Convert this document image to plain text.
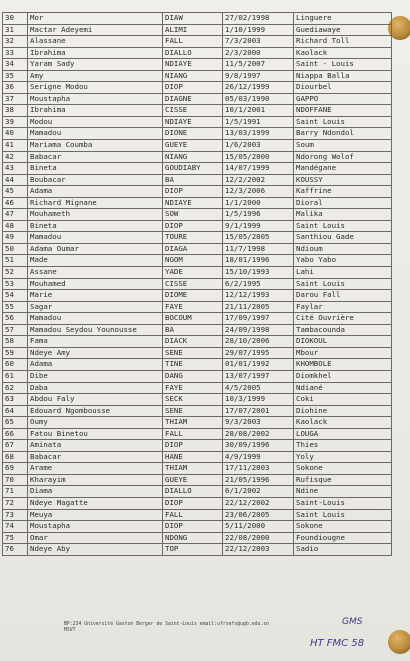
30	Mor	DIAW	27/02/1998	Linguere
31	Mactar Adeyemi	ALIMI	1/10/1999	Guediawaye
32	Alassane	FALL	7/3/2003	Richard Toll
33	Ibrahima	DIALLO	2/3/2000	Kaolack
34	Yaram Sady	NDIAYE	11/5/2007	Saint - Louis
35	Amy	NIANG	9/8/1997	Niappa Balla
36	Serigne Modou	DIOP	26/12/1999	Diourbel
37	Moustapha	DIAGNE	05/03/1990	GAPPO
38	Ibrahima	CISSE	10/1/2001	NDOFFANE
39	Modou	NDIAYE	1/5/1991	Saint Louis
40	Mamadou	DIONE	13/03/1999	Barry Ndondol
41	Mariama Coumba	GUEYE	1/6/2003	Soum
42	Babacar	NIANG	15/05/2000	Ndorong Wolof
43	Bineta	GOUDIABY	14/07/1999	Mandégane
44	Boubacar	BA	12/2/2002	KOUSSY
45	Adama	DIOP	12/3/2006	Kaffrine
46	Richard Mignane	NDIAYE	1/1/2000	Dioral
47	Mouhameth	SOW	1/5/1996	Malika
48	Bineta	DIOP	9/1/1999	Saint Louis
49	Mamadou	TOURE	15/05/2005	Santhiou Gade
50	Adama Oumar	DIAGA	11/7/1998	Ndioum
51	Made	NGOM	18/01/1996	Yabo Yabo
52	Assane	YADE	15/10/1993	Lahi
53	Mouhamed	CISSE	6/2/1995	Saint Louis
54	Marie	DIOME	12/12/1993	Darou Fall
55	Sagar	FAYE	21/11/2005	Faylar
56	Mamadou	BOCOUM	17/09/1997	Cité Ouvrière
57	Mamadou Seydou Younousse	BA	24/09/1998	Tambacounda
58	Fama	DIACK	28/10/2006	DIOKOUL
59	Ndeye Amy	SENE	29/07/1995	Mbour
60	Adama	TINE	01/01/1992	KHOMBOLE
61	Dibe	DANG	13/07/1997	Diomkhel
62	Daba	FAYE	4/5/2005	Ndiané
63	Abdou Faly	SECK	10/3/1999	Coki
64	Edouard Ngombousse	SENE	17/07/2001	Diohine
65	Oumy	THIAM	9/3/2003	Kaolack
66	Fatou Binetou	FALL	28/08/2002	LOUGA
67	Aminata	DIOP	30/09/1996	Thies
68	Babacar	HANE	4/9/1999	Yoly
69	Arame	THIAM	17/11/2003	Sokone
70	Kharayim	GUEYE	21/05/1996	Rufisque
71	Diama	DIALLO	6/1/2002	Ndine
72	Ndeye Magatte	DIOP	22/12/2002	Saint-Louis
73	Meuya	FALL	23/06/2005	Saint Louis
74	Moustapha	DIOP	5/11/2000	Sokone
75	Omar	NDONG	22/08/2000	Foundiougne
76	Ndeye Aby	TOP	22/12/2003	Sadio
BP:234 Université Gaston Berger de Saint-Louis email:ufrsefs@ugb.edu.sn
MSVT
GMS
HT FMC 58
